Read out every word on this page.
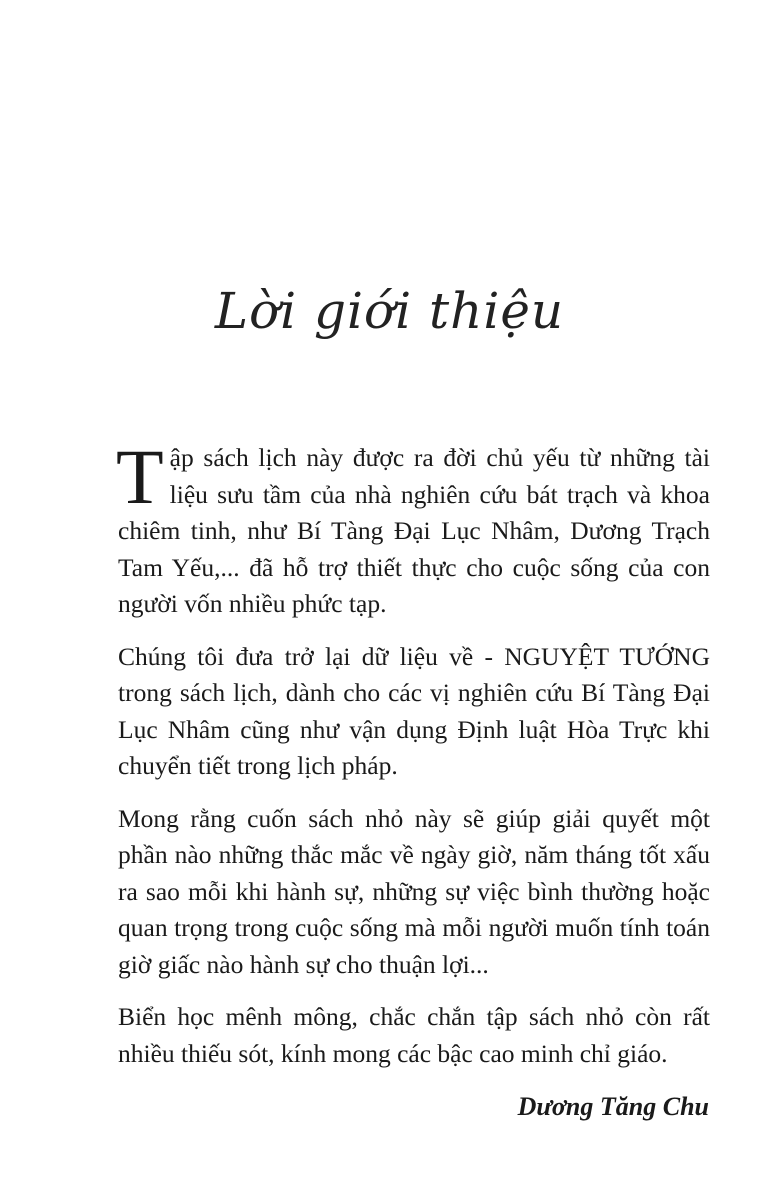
Lời giới thiệu

Tập sách lịch này được ra đời chủ yếu từ những tài liệu sưu tầm của nhà nghiên cứu bát trạch và khoa chiêm tinh, như Bí Tàng Đại Lục Nhâm, Dương Trạch Tam Yếu,... đã hỗ trợ thiết thực cho cuộc sống của con người vốn nhiều phức tạp.

Chúng tôi đưa trở lại dữ liệu về - NGUYỆT TƯỚNG trong sách lịch, dành cho các vị nghiên cứu Bí Tàng Đại Lục Nhâm cũng như vận dụng Định luật Hòa Trực khi chuyển tiết trong lịch pháp.

Mong rằng cuốn sách nhỏ này sẽ giúp giải quyết một phần nào những thắc mắc về ngày giờ, năm tháng tốt xấu ra sao mỗi khi hành sự, những sự việc bình thường hoặc quan trọng trong cuộc sống mà mỗi người muốn tính toán giờ giấc nào hành sự cho thuận lợi...

Biển học mênh mông, chắc chắn tập sách nhỏ còn rất nhiều thiếu sót, kính mong các bậc cao minh chỉ giáo.

Dương Tăng Chu
